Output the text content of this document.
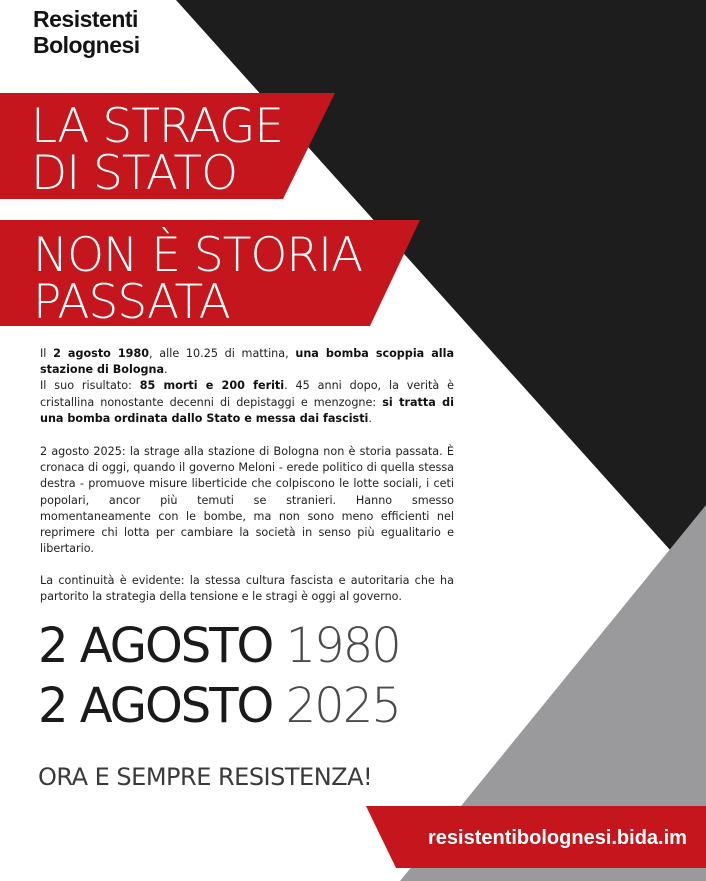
Resistenti
Bolognesi
LA STRAGE
DI STATO
NON È STORIA
PASSATA
Il 2 agosto 1980, alle 10.25 di mattina, una bomba scoppia alla stazione di Bologna.
Il suo risultato: 85 morti e 200 feriti. 45 anni dopo, la verità è cristallina nonostante decenni di depistaggi e menzogne: si tratta di una bomba ordinata dallo Stato e messa dai fascisti.
2 agosto 2025: la strage alla stazione di Bologna non è storia passata. È cronaca di oggi, quando il governo Meloni - erede politico di quella stessa destra - promuove misure liberticide che colpiscono le lotte sociali, i ceti popolari, ancor più temuti se stranieri. Hanno smesso momentaneamente con le bombe, ma non sono meno efficienti nel reprimere chi lotta per cambiare la società in senso più egualitario e libertario.
La continuità è evidente: la stessa cultura fascista e autoritaria che ha partorito la strategia della tensione e le stragi è oggi al governo.
2 AGOSTO 1980
2 AGOSTO 2025
ORA E SEMPRE RESISTENZA!
resistentibolognesi.bida.im
